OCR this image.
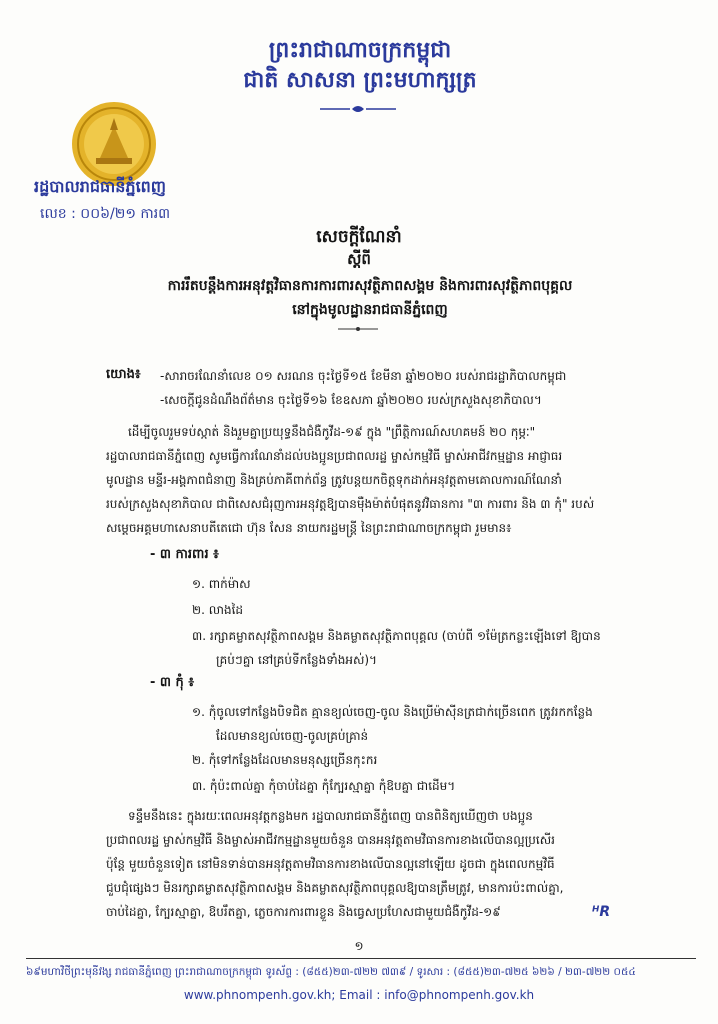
ព្រះរាជាណាចក្រកម្ពុជា
ជាតិ សាសនា ព្រះមហាក្សត្រ
រដ្ឋបាលរាជធានីភ្នំពេញ
លេខ : ០០៦/២១ ការ៣
សេចក្តីណែនាំ
ស្តីពី
ការរឹតបន្តឹងការអនុវត្តវិធានការការពារសុវត្ថិភាពសង្គម និងការពារសុវត្ថិភាពបុគ្គល
នៅក្នុងមូលដ្ឋានរាជធានីភ្នំពេញ
យោង៖ -សារាចរណែនាំលេខ ០១ សរណន ចុះថ្ងៃទី១៥ ខែមីនា ឆ្នាំ២០២០ របស់រាជរដ្ឋាភិបាលកម្ពុជា
-សេចក្តីជូនដំណឹងព័ត៌មាន ចុះថ្ងៃទី១៦ ខែឧសភា ឆ្នាំ២០២០ របស់ក្រសួងសុខាភិបាល។
ដើម្បីចូលរួមទប់ស្កាត់ និងរួមគ្នាប្រយុទ្ធនឹងជំងឺកូវីដ-១៩ ក្នុង "ព្រឹត្តិការណ៍សហគមន៍ ២០ កុម្ភៈ"
រដ្ឋបាលរាជធានីភ្នំពេញ សូមធ្វើការណែនាំដល់បងប្អូនប្រជាពលរដ្ឋ ម្ចាស់កម្មវិធី ម្ចាស់អាជីវកម្មដ្ឋាន អាជ្ញាធរ
មូលដ្ឋាន មន្ទីរ-អង្គភាពជំនាញ និងគ្រប់ភាគីពាក់ព័ន្ធ ត្រូវបន្តយកចិត្តទុកដាក់អនុវត្តតាមគោលការណ៍ណែនាំ
របស់ក្រសួងសុខាភិបាល ជាពិសេសជំរុញការអនុវត្តឱ្យបានម៉ឺងម៉ាត់បំផុតនូវវិធានការ "៣ ការពារ និង ៣ កុំ" របស់
សម្តេចអគ្គមហាសេនាបតីតេជោ ហ៊ុន សែន នាយករដ្ឋមន្ត្រី នៃព្រះរាជាណាចក្រកម្ពុជា រួមមាន៖
- ៣ ការពារ ៖
១. ពាក់ម៉ាស
២. លាងដៃ
៣. រក្សាគម្លាតសុវត្ថិភាពសង្គម និងគម្លាតសុវត្ថិភាពបុគ្គល (ចាប់ពី ១ម៉ែត្រកន្លះឡើងទៅ ឱ្យបាន
គ្រប់ៗគ្នា នៅគ្រប់ទីកន្លែងទាំងអស់)។
- ៣ កុំ ៖
១. កុំចូលទៅកន្លែងបិទជិត គ្មានខ្យល់ចេញ-ចូល និងប្រើម៉ាស៊ីនត្រជាក់ច្រើនពេក ត្រូវរកកន្លែង
ដែលមានខ្យល់ចេញ-ចូលគ្រប់គ្រាន់
២. កុំទៅកន្លែងដែលមានមនុស្សច្រើនកុះករ
៣. កុំប៉ះពាល់គ្នា កុំចាប់ដៃគ្នា កុំក្បែរស្មាគ្នា កុំឱបគ្នា ជាដើម។
ទន្ទឹមនឹងនេះ ក្នុងរយៈពេលអនុវត្តកន្លងមក រដ្ឋបាលរាជធានីភ្នំពេញ បានពិនិត្យឃើញថា បងប្អូន
ប្រជាពលរដ្ឋ ម្ចាស់កម្មវិធី និងម្ចាស់អាជីវកម្មដ្ឋានមួយចំនួន បានអនុវត្តតាមវិធានការខាងលើបានល្អប្រសើរ
ប៉ុន្តែ មួយចំនួនទៀត នៅមិនទាន់បានអនុវត្តតាមវិធានការខាងលើបានល្អនៅឡើយ ដូចជា ក្នុងពេលកម្មវិធី
ជួបជុំផ្សេងៗ មិនរក្សាគម្លាតសុវត្ថិភាពសង្គម និងគម្លាតសុវត្ថិភាពបុគ្គលឱ្យបានត្រឹមត្រូវ, មានការប៉ះពាល់គ្នា,
ចាប់ដៃគ្នា, ក្បែរស្មាគ្នា, ឱបរឹតគ្នា, ភ្លេចការការពារខ្លួន និងធ្វេសប្រហែសជាមួយជំងឺកូវីដ-១៩	ᴴR
១
៦៩មហាវិថីព្រះមុនីវង្ស រាជធានីភ្នំពេញ ព្រះរាជាណាចក្រកម្ពុជា ទូរស័ព្ទ : (៨៥៥)២៣-៧២២ ៧៣៩ / ទូរសារ : (៨៥៥)២៣-៧២៥ ៦២៦ / ២៣-៧២២ ០៥៤
www.phnompenh.gov.kh; Email : info@phnompenh.gov.kh
